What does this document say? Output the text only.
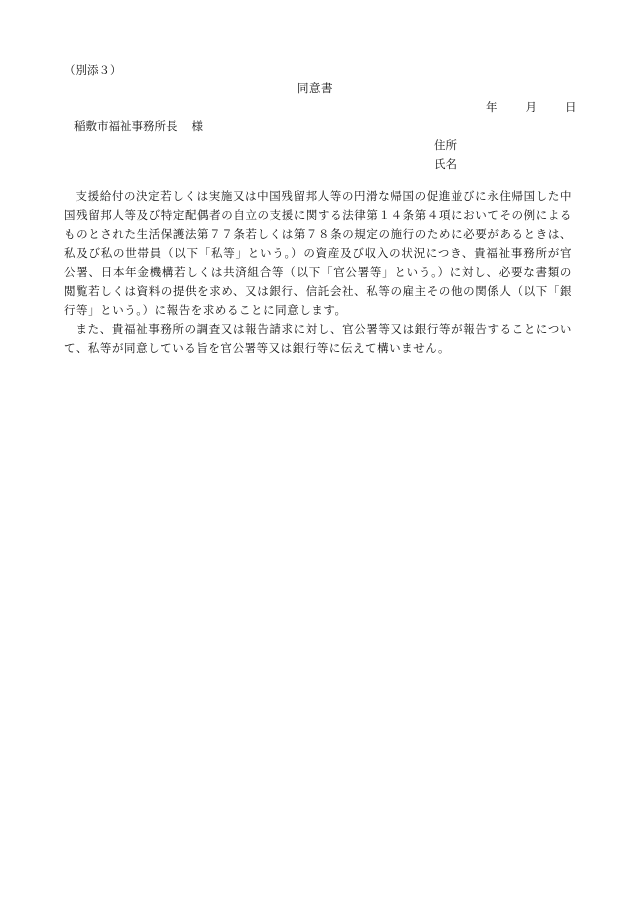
（別添３）
同意書
年 月 日
稲敷市福祉事務所長 様
住所
氏名

支援給付の決定若しくは実施又は中国残留邦人等の円滑な帰国の促進並びに永住帰国した中国残留邦人等及び特定配偶者の自立の支援に関する法律第１４条第４項においてその例によるものとされた生活保護法第７７条若しくは第７８条の規定の施行のために必要があるときは、私及び私の世帯員（以下「私等」という。）の資産及び収入の状況につき、貴福祉事務所が官公署、日本年金機構若しくは共済組合等（以下「官公署等」という。）に対し、必要な書類の閲覧若しくは資料の提供を求め、又は銀行、信託会社、私等の雇主その他の関係人（以下「銀行等」という。）に報告を求めることに同意します。

また、貴福祉事務所の調査又は報告請求に対し、官公署等又は銀行等が報告することについて、私等が同意している旨を官公署等又は銀行等に伝えて構いません。
